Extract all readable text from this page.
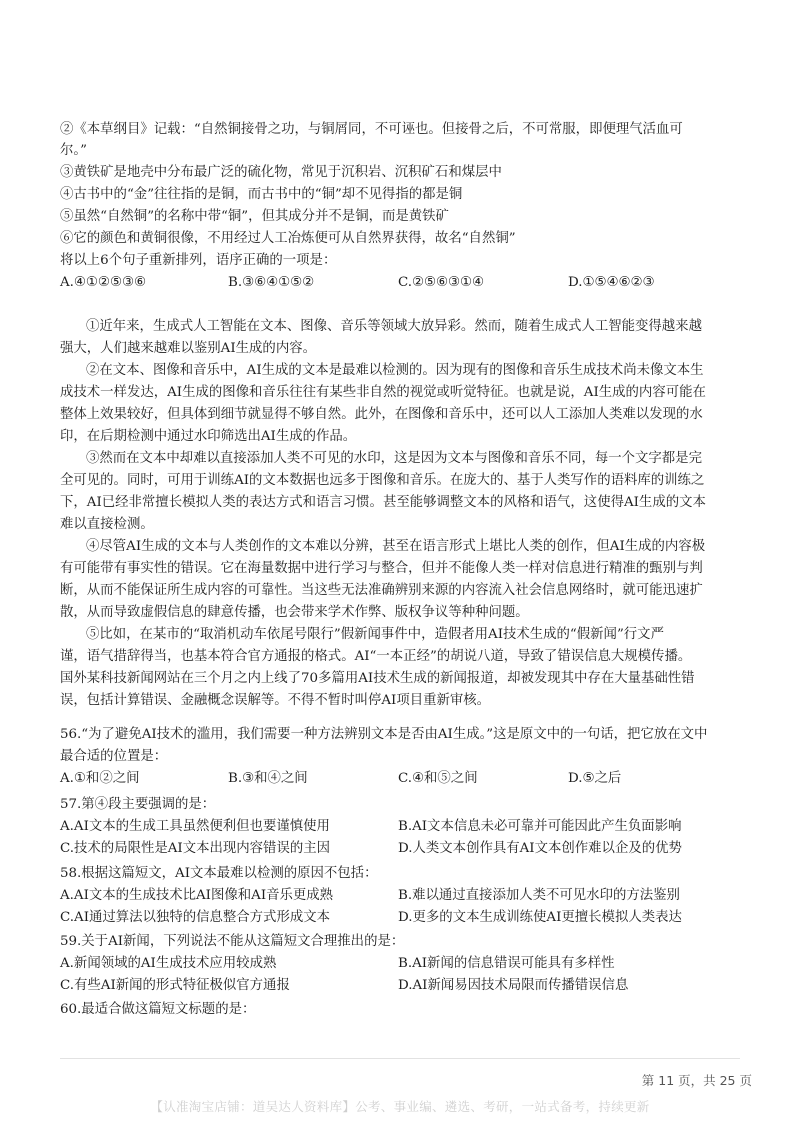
②《本草纲目》记载：“自然铜接骨之功，与铜屑同，不可诬也。但接骨之后，不可常服，即便理气活血可
尔。”
③黄铁矿是地壳中分布最广泛的硫化物，常见于沉积岩、沉积矿石和煤层中
④古书中的“金”往往指的是铜，而古书中的“铜”却不见得指的都是铜
⑤虽然“自然铜”的名称中带“铜”，但其成分并不是铜，而是黄铁矿
⑥它的颜色和黄铜很像，不用经过人工冶炼便可从自然界获得，故名“自然铜”
将以上6个句子重新排列，语序正确的一项是：
A.④①②⑤③⑥	B.③⑥④①⑤②	C.②⑤⑥③①④	D.①⑤④⑥②③
①近年来，生成式人工智能在文本、图像、音乐等领域大放异彩。然而，随着生成式人工智能变得越来越
强大，人们越来越难以鉴别AI生成的内容。
②在文本、图像和音乐中，AI生成的文本是最难以检测的。因为现有的图像和音乐生成技术尚未像文本生
成技术一样发达，AI生成的图像和音乐往往有某些非自然的视觉或听觉特征。也就是说，AI生成的内容可能在
整体上效果较好，但具体到细节就显得不够自然。此外，在图像和音乐中，还可以人工添加人类难以发现的水
印，在后期检测中通过水印筛选出AI生成的作品。
③然而在文本中却难以直接添加人类不可见的水印，这是因为文本与图像和音乐不同，每一个文字都是完
全可见的。同时，可用于训练AI的文本数据也远多于图像和音乐。在庞大的、基于人类写作的语料库的训练之
下，AI已经非常擅长模拟人类的表达方式和语言习惯。甚至能够调整文本的风格和语气，这使得AI生成的文本
难以直接检测。
④尽管AI生成的文本与人类创作的文本难以分辨，甚至在语言形式上堪比人类的创作，但AI生成的内容极
有可能带有事实性的错误。它在海量数据中进行学习与整合，但并不能像人类一样对信息进行精准的甄别与判
断，从而不能保证所生成内容的可靠性。当这些无法准确辨别来源的内容流入社会信息网络时，就可能迅速扩
散，从而导致虚假信息的肆意传播，也会带来学术作弊、版权争议等种种问题。
⑤比如，在某市的“取消机动车依尾号限行”假新闻事件中，造假者用AI技术生成的“假新闻”行文严
谨，语气措辞得当，也基本符合官方通报的格式。AI“一本正经”的胡说八道，导致了错误信息大规模传播。
国外某科技新闻网站在三个月之内上线了70多篇用AI技术生成的新闻报道，却被发现其中存在大量基础性错
误，包括计算错误、金融概念误解等。不得不暂时叫停AI项目重新审核。
56.“为了避免AI技术的滥用，我们需要一种方法辨别文本是否由AI生成。”这是原文中的一句话，把它放在文中
最合适的位置是：
A.①和②之间	B.③和④之间	C.④和⑤之间	D.⑤之后
57.第④段主要强调的是：
A.AI文本的生成工具虽然便利但也要谨慎使用	B.AI文本信息未必可靠并可能因此产生负面影响
C.技术的局限性是AI文本出现内容错误的主因	D.人类文本创作具有AI文本创作难以企及的优势
58.根据这篇短文，AI文本最难以检测的原因不包括：
A.AI文本的生成技术比AI图像和AI音乐更成熟	B.难以通过直接添加人类不可见水印的方法鉴别
C.AI通过算法以独特的信息整合方式形成文本	D.更多的文本生成训练使AI更擅长模拟人类表达
59.关于AI新闻，下列说法不能从这篇短文合理推出的是：
A.新闻领域的AI生成技术应用较成熟	B.AI新闻的信息错误可能具有多样性
C.有些AI新闻的形式特征极似官方通报	D.AI新闻易因技术局限而传播错误信息
60.最适合做这篇短文标题的是：
第 11 页，共 25 页
【认准淘宝店铺：道吴达人资料库】公考、事业编、遴选、考研，一站式备考，持续更新
